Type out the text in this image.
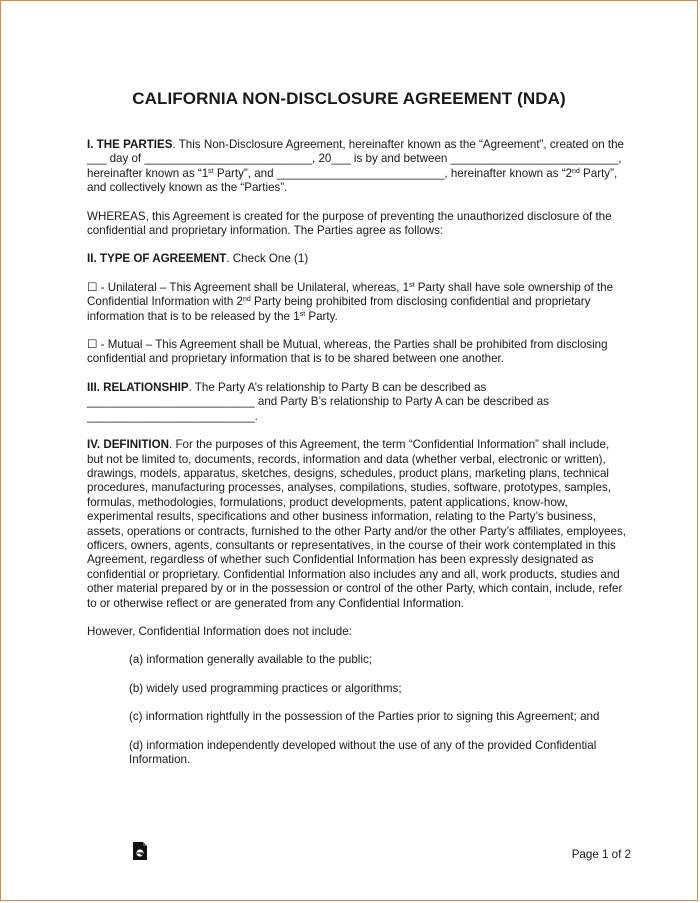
CALIFORNIA NON-DISCLOSURE AGREEMENT (NDA)

I. THE PARTIES. This Non-Disclosure Agreement, hereinafter known as the “Agreement”, created on the ___ day of __________________________, 20___ is by and between __________________________, hereinafter known as “1st Party”, and __________________________, hereinafter known as “2nd Party”, and collectively known as the “Parties”.

WHEREAS, this Agreement is created for the purpose of preventing the unauthorized disclosure of the confidential and proprietary information. The Parties agree as follows:

II. TYPE OF AGREEMENT. Check One (1)

☐ - Unilateral – This Agreement shall be Unilateral, whereas, 1st Party shall have sole ownership of the Confidential Information with 2nd Party being prohibited from disclosing confidential and proprietary information that is to be released by the 1st Party.

☐ - Mutual – This Agreement shall be Mutual, whereas, the Parties shall be prohibited from disclosing confidential and proprietary information that is to be shared between one another.

III. RELATIONSHIP. The Party A’s relationship to Party B can be described as __________________________ and Party B’s relationship to Party A can be described as __________________________.

IV. DEFINITION. For the purposes of this Agreement, the term “Confidential Information” shall include, but not be limited to, documents, records, information and data (whether verbal, electronic or written), drawings, models, apparatus, sketches, designs, schedules, product plans, marketing plans, technical procedures, manufacturing processes, analyses, compilations, studies, software, prototypes, samples, formulas, methodologies, formulations, product developments, patent applications, know-how, experimental results, specifications and other business information, relating to the Party’s business, assets, operations or contracts, furnished to the other Party and/or the other Party’s affiliates, employees, officers, owners, agents, consultants or representatives, in the course of their work contemplated in this Agreement, regardless of whether such Confidential Information has been expressly designated as confidential or proprietary. Confidential Information also includes any and all, work products, studies and other material prepared by or in the possession or control of the other Party, which contain, include, refer to or otherwise reflect or are generated from any Confidential Information.

However, Confidential Information does not include:

(a) information generally available to the public;

(b) widely used programming practices or algorithms;

(c) information rightfully in the possession of the Parties prior to signing this Agreement; and

(d) information independently developed without the use of any of the provided Confidential Information.

Page 1 of 2
